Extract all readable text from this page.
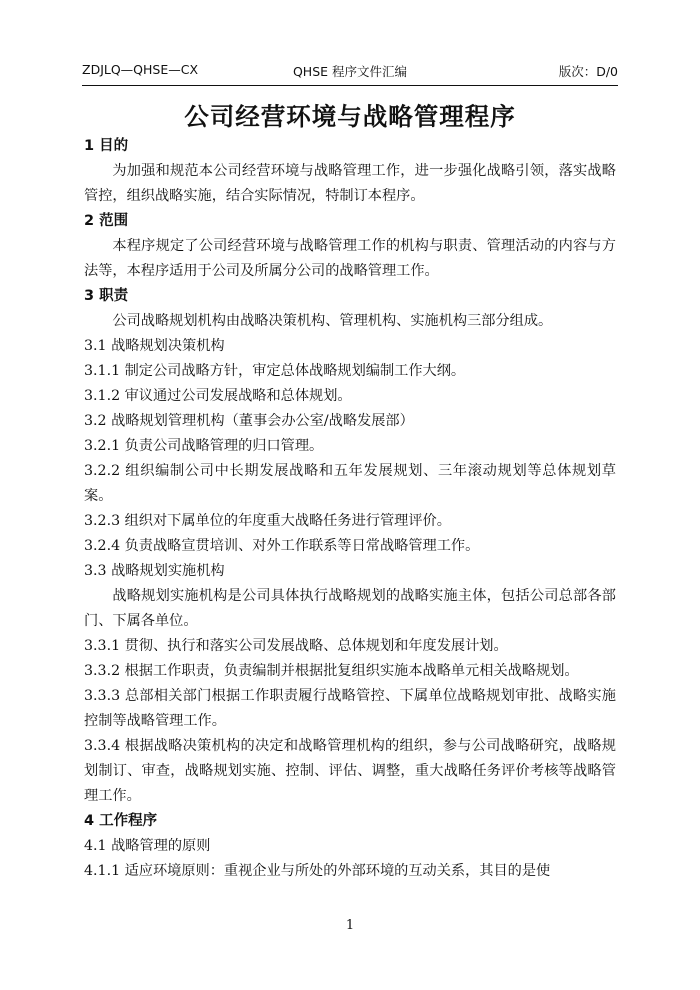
ZDJLQ—QHSE—CX	QHSE 程序文件汇编	版次：D/0
公司经营环境与战略管理程序

1 目的

为加强和规范本公司经营环境与战略管理工作，进一步强化战略引领，落实战略管控，组织战略实施，结合实际情况，特制订本程序。

2 范围

本程序规定了公司经营环境与战略管理工作的机构与职责、管理活动的内容与方法等，本程序适用于公司及所属分公司的战略管理工作。

3 职责

公司战略规划机构由战略决策机构、管理机构、实施机构三部分组成。

3.1 战略规划决策机构

3.1.1 制定公司战略方针，审定总体战略规划编制工作大纲。

3.1.2 审议通过公司发展战略和总体规划。

3.2 战略规划管理机构（董事会办公室/战略发展部）

3.2.1 负责公司战略管理的归口管理。

3.2.2 组织编制公司中长期发展战略和五年发展规划、三年滚动规划等总体规划草案。

3.2.3 组织对下属单位的年度重大战略任务进行管理评价。

3.2.4 负责战略宣贯培训、对外工作联系等日常战略管理工作。

3.3 战略规划实施机构

战略规划实施机构是公司具体执行战略规划的战略实施主体，包括公司总部各部门、下属各单位。

3.3.1 贯彻、执行和落实公司发展战略、总体规划和年度发展计划。

3.3.2 根据工作职责，负责编制并根据批复组织实施本战略单元相关战略规划。

3.3.3 总部相关部门根据工作职责履行战略管控、下属单位战略规划审批、战略实施控制等战略管理工作。

3.3.4 根据战略决策机构的决定和战略管理机构的组织，参与公司战略研究，战略规划制订、审查，战略规划实施、控制、评估、调整，重大战略任务评价考核等战略管理工作。

4 工作程序

4.1 战略管理的原则

4.1.1 适应环境原则：重视企业与所处的外部环境的互动关系，其目的是使

1
